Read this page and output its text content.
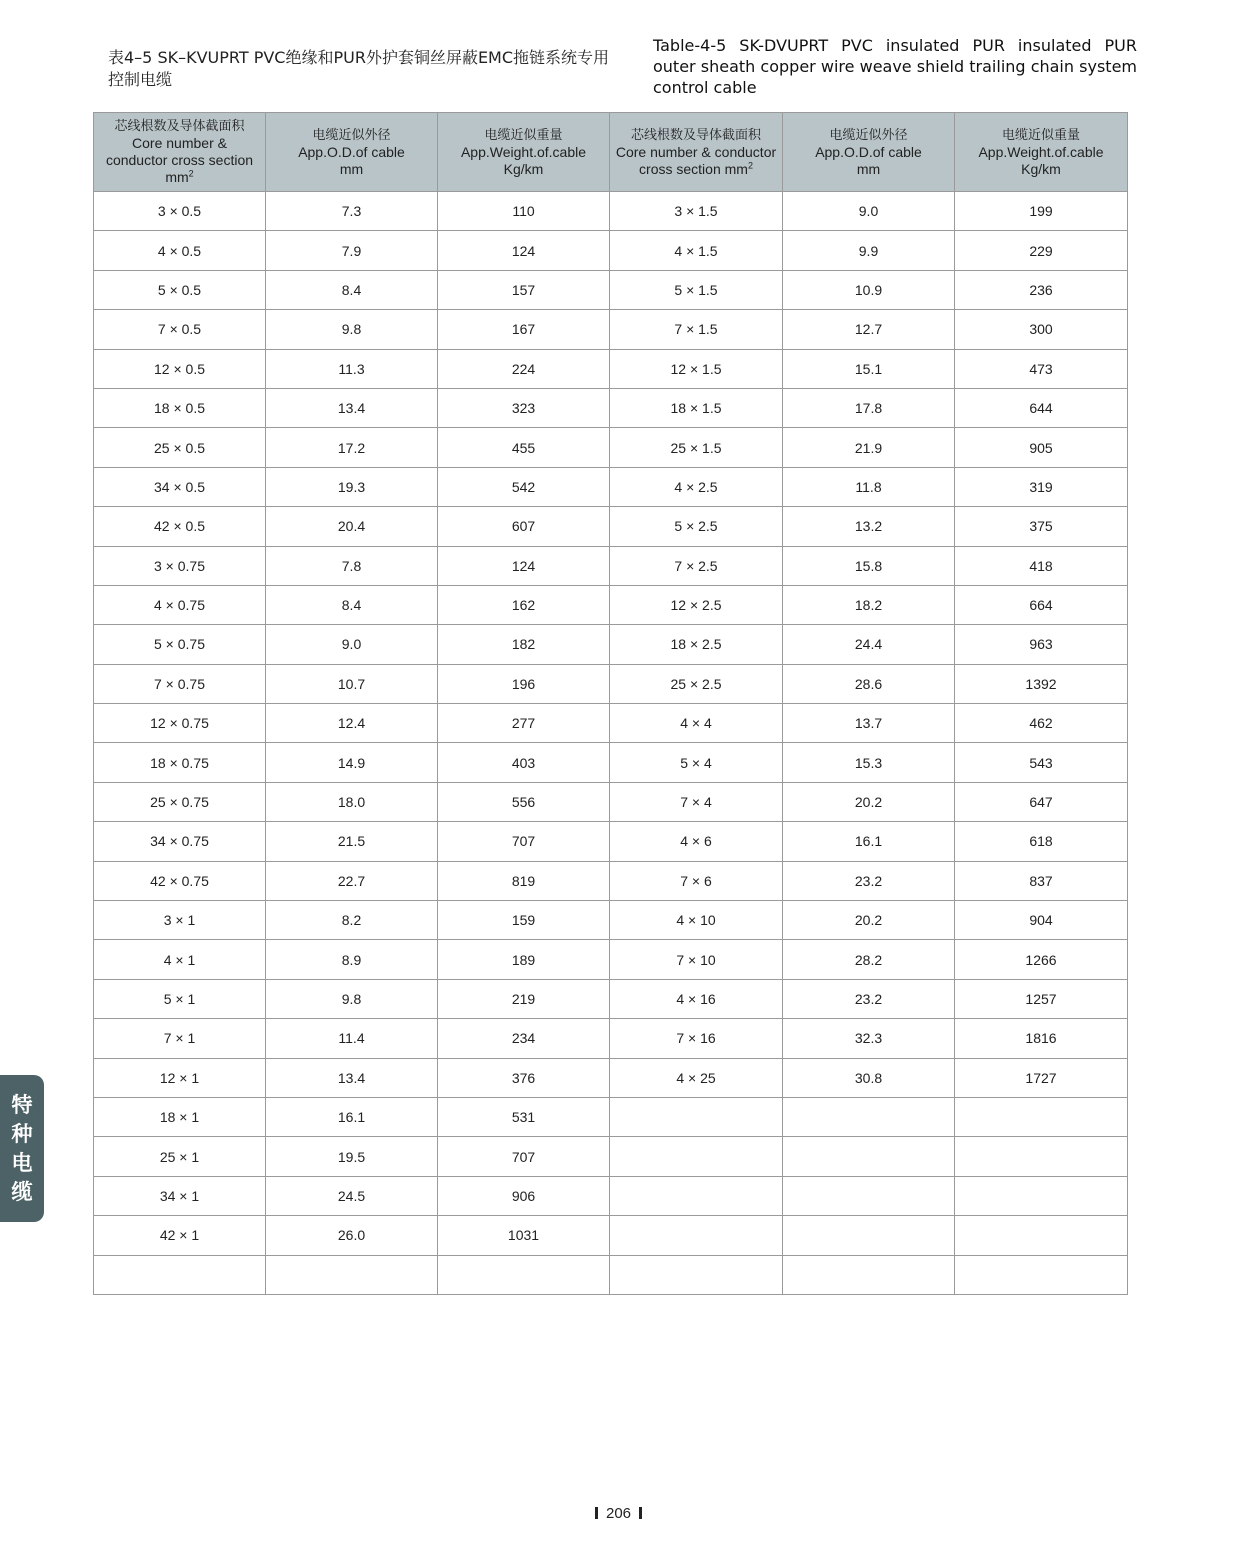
表4–5 SK–KVUPRT PVC绝缘和PUR外护套铜丝屏蔽EMC拖链系统专用控制电缆
Table-4-5 SK-DVUPRT PVC insulated PUR insulated PUR outer sheath copper wire weave shield trailing chain system control cable
芯线根数及导体截面积
Core number &
conductor cross section
$mm^2$	电缆近似外径
App.O.D.of cable
mm	电缆近似重量
App.Weight.of.cable
Kg/km	芯线根数及导体截面积
Core number & conductor
cross section $mm^2$	电缆近似外径
App.O.D.of cable
mm	电缆近似重量
App.Weight.of.cable
Kg/km

3 × 0.5	7.3	110	3 × 1.5	9.0	199
4 × 0.5	7.9	124	4 × 1.5	9.9	229
5 × 0.5	8.4	157	5 × 1.5	10.9	236
7 × 0.5	9.8	167	7 × 1.5	12.7	300
12 × 0.5	11.3	224	12 × 1.5	15.1	473
18 × 0.5	13.4	323	18 × 1.5	17.8	644
25 × 0.5	17.2	455	25 × 1.5	21.9	905
34 × 0.5	19.3	542	4 × 2.5	11.8	319
42 × 0.5	20.4	607	5 × 2.5	13.2	375
3 × 0.75	7.8	124	7 × 2.5	15.8	418
4 × 0.75	8.4	162	12 × 2.5	18.2	664
5 × 0.75	9.0	182	18 × 2.5	24.4	963
7 × 0.75	10.7	196	25 × 2.5	28.6	1392
12 × 0.75	12.4	277	4 × 4	13.7	462
18 × 0.75	14.9	403	5 × 4	15.3	543
25 × 0.75	18.0	556	7 × 4	20.2	647
34 × 0.75	21.5	707	4 × 6	16.1	618
42 × 0.75	22.7	819	7 × 6	23.2	837
3 × 1	8.2	159	4 × 10	20.2	904
4 × 1	8.9	189	7 × 10	28.2	1266
5 × 1	9.8	219	4 × 16	23.2	1257
7 × 1	11.4	234	7 × 16	32.3	1816
12 × 1	13.4	376	4 × 25	30.8	1727
18 × 1	16.1	531			
25 × 1	19.5	707			
34 × 1	24.5	906			
42 × 1	26.0	1031			

特种电缆
206
